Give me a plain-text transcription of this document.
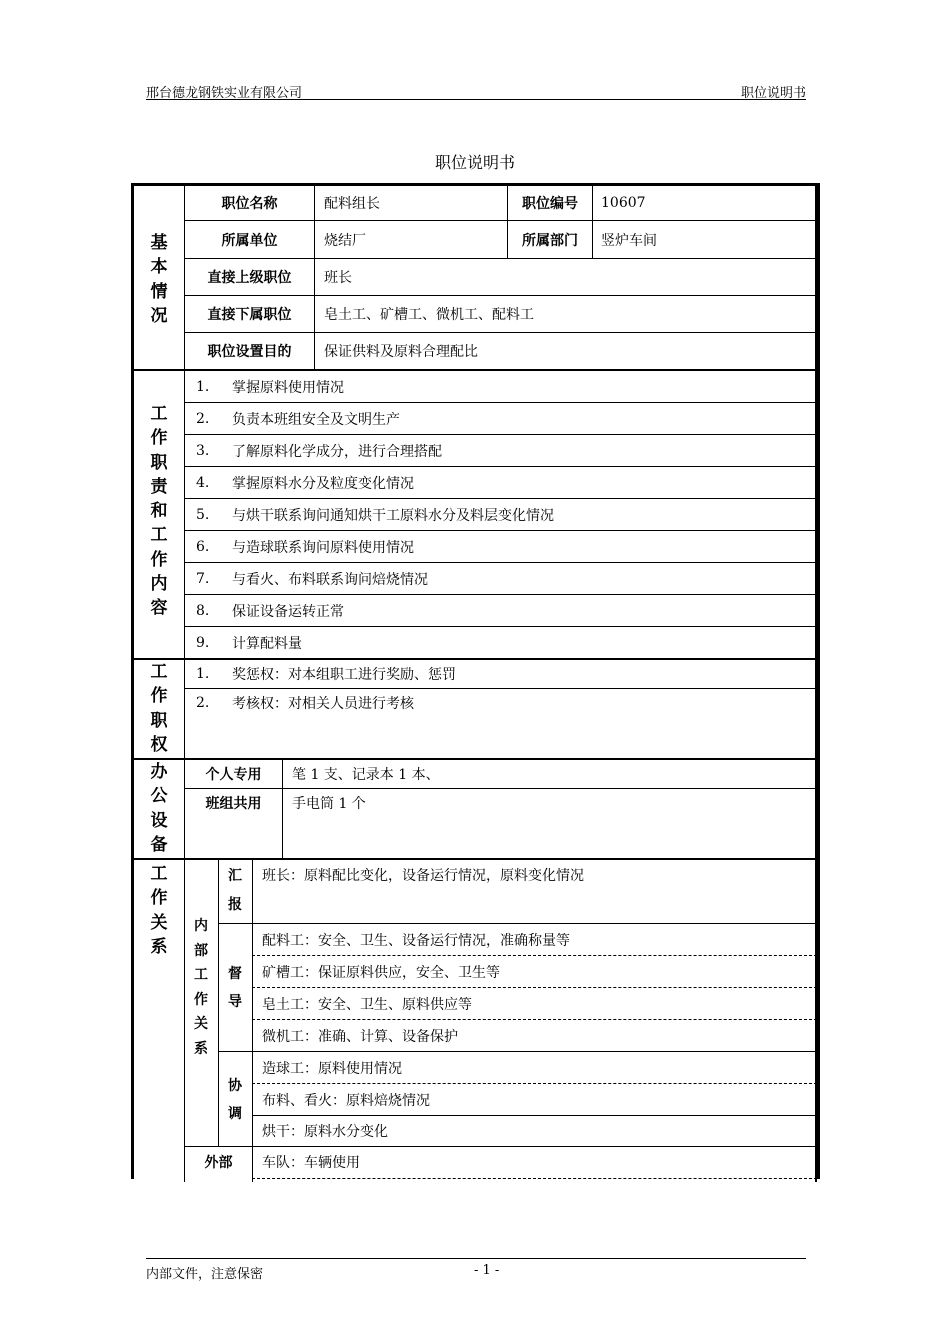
邢台德龙钢铁实业有限公司	职位说明书
职位说明书
基本情况
职位名称	配料组长	职位编号	10607
所属单位	烧结厂	所属部门	竖炉车间
直接上级职位	班长
直接下属职位	皂土工、矿槽工、微机工、配料工
职位设置目的	保证供料及原料合理配比
工作职责和工作内容
1.	掌握原料使用情况
2.	负责本班组安全及文明生产
3.	了解原料化学成分，进行合理搭配
4.	掌握原料水分及粒度变化情况
5.	与烘干联系询问通知烘干工原料水分及料层变化情况
6.	与造球联系询问原料使用情况
7.	与看火、布料联系询问焙烧情况
8.	保证设备运转正常
9.	计算配料量
工作职权
1.	奖惩权：对本组职工进行奖励、惩罚
2.	考核权：对相关人员进行考核
办公设备
个人专用	笔 1 支、记录本 1 本、
班组共用	手电筒 1 个
工作关系
内部工作关系
汇报
班长：原料配比变化，设备运行情况，原料变化情况
督导
配料工：安全、卫生、设备运行情况，准确称量等
矿槽工：保证原料供应，安全、卫生等
皂土工：安全、卫生、原料供应等
微机工：准确、计算、设备保护
协调
造球工：原料使用情况
布料、看火：原料焙烧情况
烘干：原料水分变化
外部	车队：车辆使用
内部文件，注意保密	- 1 -
